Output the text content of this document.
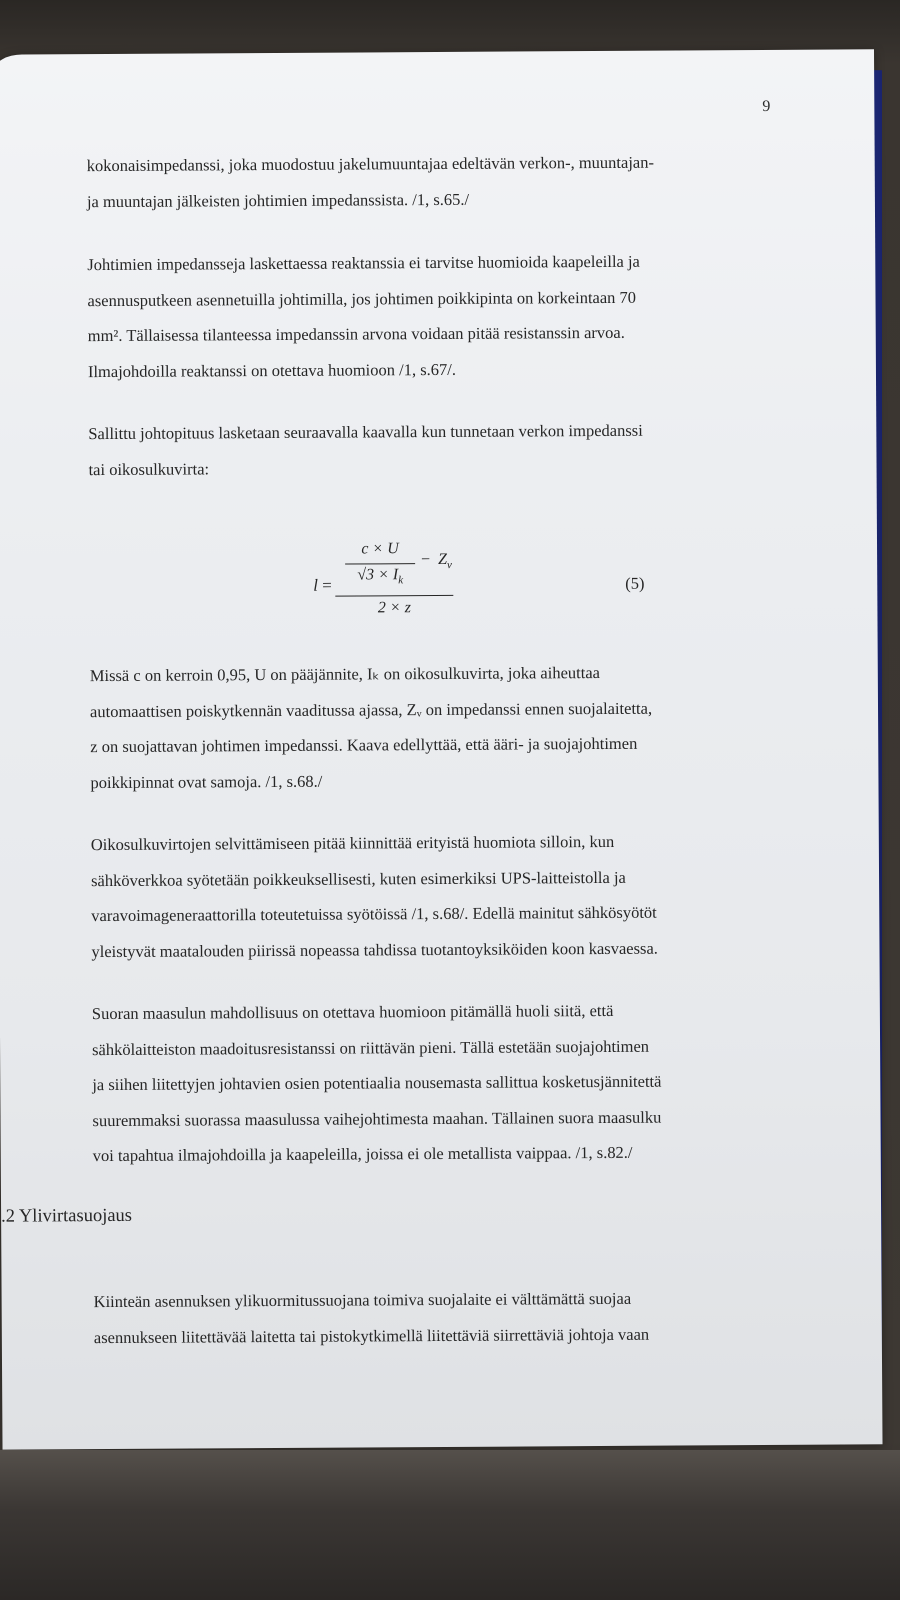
9
kokonaisimpedanssi, joka muodostuu jakelumuuntajaa edeltävän verkon-, muuntajan-
ja muuntajan jälkeisten johtimien impedanssista. /1, s.65./
Johtimien impedansseja laskettaessa reaktanssia ei tarvitse huomioida kaapeleilla ja
asennusputkeen asennetuilla johtimilla, jos johtimen poikkipinta on korkeintaan 70
mm². Tällaisessa tilanteessa impedanssin arvona voidaan pitää resistanssin arvoa.
Ilmajohdoilla reaktanssi on otettava huomioon /1, s.67/.
Sallittu johtopituus lasketaan seuraavalla kaavalla kun tunnetaan verkon impedanssi
tai oikosulkuvirta:
l =
c × U
$√3 \times I_k$
− $Z_v$
2 × z
(5)
Missä c on kerroin 0,95, U on pääjännite, Iₖ on oikosulkuvirta, joka aiheuttaa
automaattisen poiskytkennän vaaditussa ajassa, Zᵥ on impedanssi ennen suojalaitetta,
z on suojattavan johtimen impedanssi. Kaava edellyttää, että ääri- ja suojajohtimen
poikkipinnat ovat samoja. /1, s.68./
Oikosulkuvirtojen selvittämiseen pitää kiinnittää erityistä huomiota silloin, kun
sähköverkkoa syötetään poikkeuksellisesti, kuten esimerkiksi UPS-laitteistolla ja
varavoimageneraattorilla toteutetuissa syötöissä /1, s.68/. Edellä mainitut sähkösyötöt
yleistyvät maatalouden piirissä nopeassa tahdissa tuotantoyksiköiden koon kasvaessa.
Suoran maasulun mahdollisuus on otettava huomioon pitämällä huoli siitä, että
sähkölaitteiston maadoitusresistanssi on riittävän pieni. Tällä estetään suojajohtimen
ja siihen liitettyjen johtavien osien potentiaalia nousemasta sallittua kosketusjännitettä
suuremmaksi suorassa maasulussa vaihejohtimesta maahan. Tällainen suora maasulku
voi tapahtua ilmajohdoilla ja kaapeleilla, joissa ei ole metallista vaippaa. /1, s.82./
.2 Ylivirtasuojaus
Kiinteän asennuksen ylikuormitussuojana toimiva suojalaite ei välttämättä suojaa
asennukseen liitettävää laitetta tai pistokytkimellä liitettäviä siirrettäviä johtoja vaan
